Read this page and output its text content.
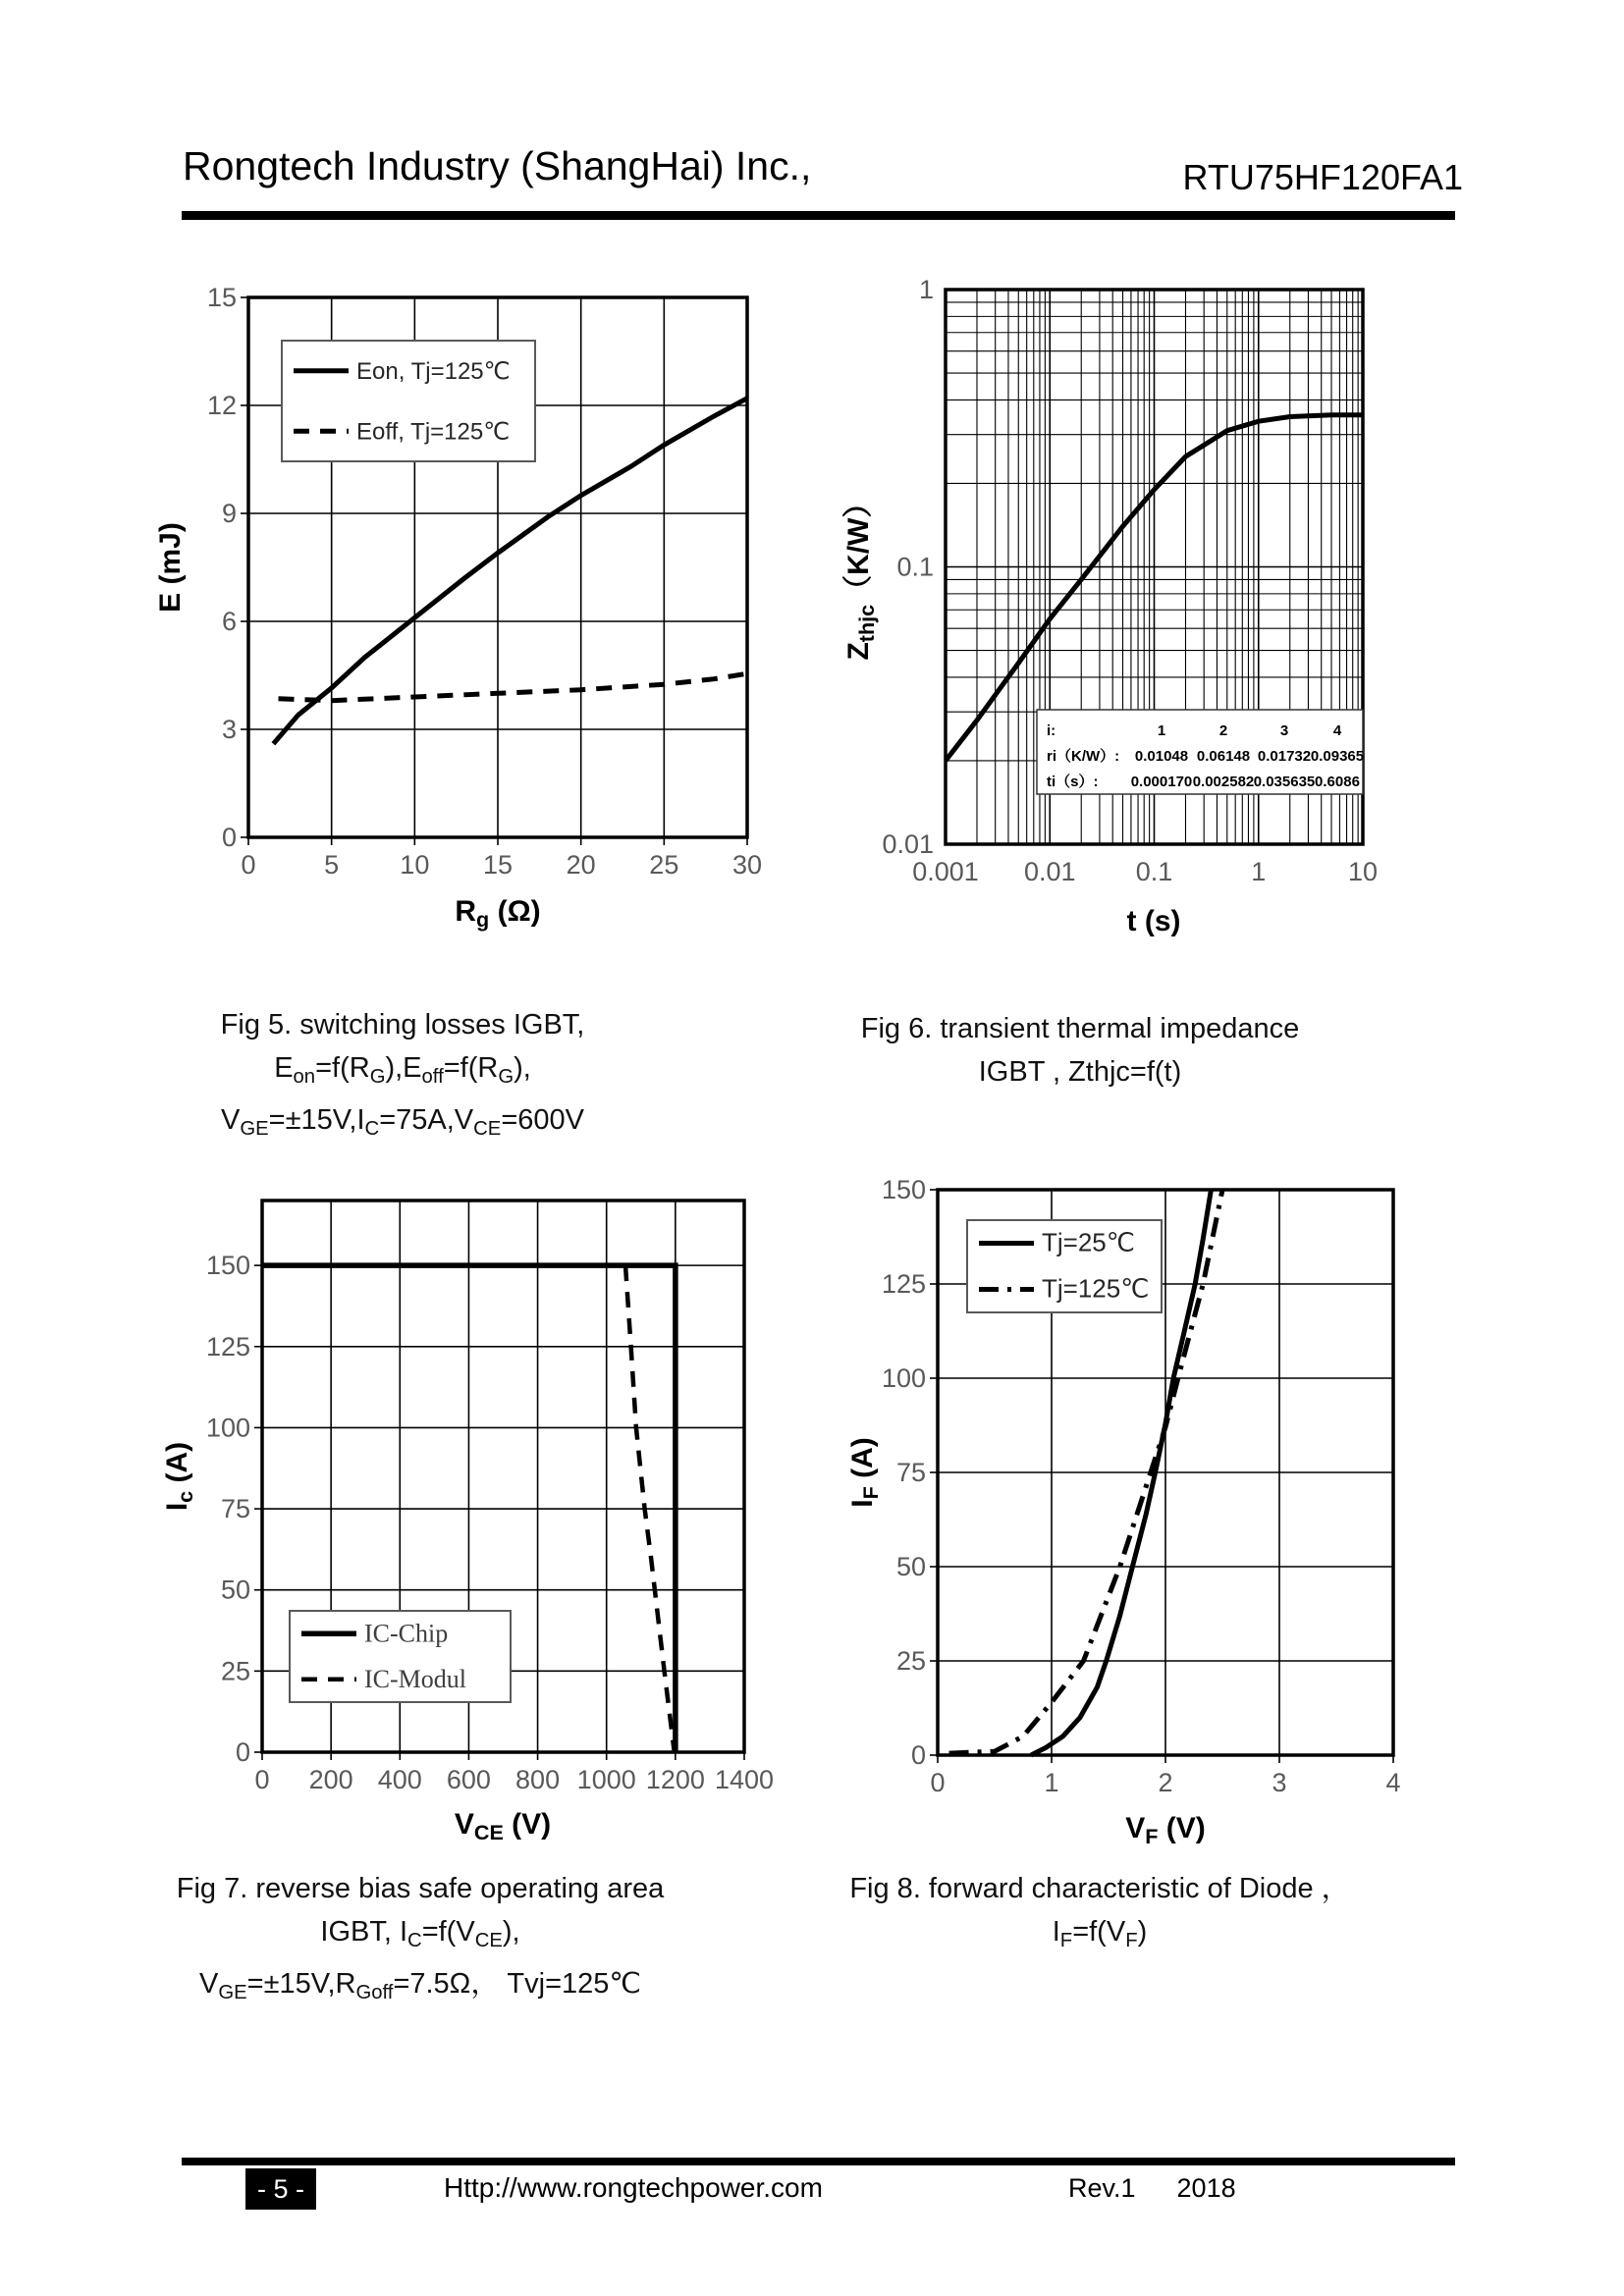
Rongtech Industry (ShangHai) Inc.,	RTU75HF120FA1
0	5 10 15 20 25 30
0
3
6
9
12
15
Eon, Tj=125℃
Eoff, Tj=125℃
E (mJ)
$R_g$ (Ω)
0.001 0.01 0.1	1	10
0.01
0.1
1
$Z_{thjc}(K/W)$
t (s)
i:	1	2	3	4
ri（K/W）: 0.01048 0.06148 0.01732 0.09365
ti（s）: 0.000170 0.002582 0.035635 0.6086
0 200 400 600 800 1000 1200 1400
0
25
50
75
100
125
150
IC-Chip
IC-Modul
$I_c$ (A)
$V_{CE}$ (V)
0	1	2	3	4
0
25
50
75
100
125
150
Tj=25℃
Tj=125℃
$I_F$ (A)
$V_F$ (V)
Fig 5. switching losses IGBT, $E_{on}=f(R_G),E_{off}=f(R_G)$,
$V_{GE}=\pm 15V,I_C=75A,V_{CE}=600V$
Fig 6. transient thermal impedance IGBT , Zthjc=f(t)
Fig 7. reverse bias safe operating area IGBT, $I_C=f(V_{CE})$,
$V_{GE}=\pm 15V,R_{Goff}=7.5\Omega$， Tvj=125℃
Fig 8. forward characteristic of Diode ， $I_F=f(V_F)$
- 5 -	Http://www.rongtechpower.com	Rev.1 2018
